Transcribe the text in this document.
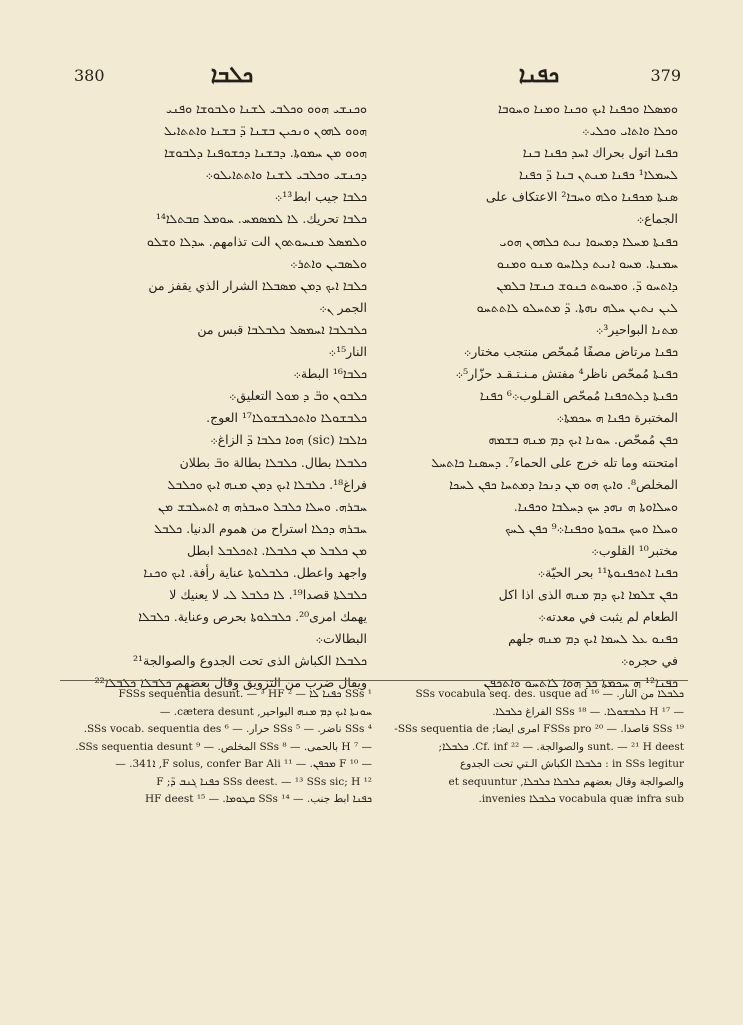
380	ܟܠܒܐ	ܟܦܢܐ	379

ܘܟܢܫܝ ܗܘܘ ܘܟܠܒܝ ܠܫܢܐ ܘܠܒܘܫܐ ܘܦܢܝ

ܗܘܘ ܠܗܘܢ ܘܢܟܝܢ ܒܫܢܐ ܕ̈ ܒܫܢܐ ܘܐܬܬܐܝܠ

ܗܘܘ ܡܢ ܚܡܘܬܐ. ܕܒܫܢܐ ܕܟܫܘܦܢܐ ܕܠܒܘܫܐ

ܕܟܢܫܝ ܘܟܠܒܝ ܠܫܢܐ ܘܐܬܬܐܝܠܘ܀

ܟܠܒܐ جيب ابط¹³܀

ܟܠܒܐ تحريك. ܠܐ ܠܡܣܡܚ. ܚܘܡܠ ܩܒܬܠܐ¹⁴

ܘܠܡܣܠ ܡܢܚܘܬܘܢ الت تذامهم. ܚܕܠܐ ܘܫܠܘ

ܘܠܣܒܝܢ ܘܐܬܪ܀

ܟܠܒܐ ܐܝܟ ܕܡܢ ܡܣܒܠܐ الشرار الذي يقفز من

الجمر ܢ܀

ܟܠܒܠܒܐ ܐܚܡܣܠ ܟܠܒܠܒܐ قبس من

النار¹⁵܀

ܟܠܒܐ¹⁶ البطة܀

ܟܠܒܘܢ ܘܒ̈ ܕ ܡܘܠ التعليق܀

ܟܠܒܫܘܠܐ ܘܐܬܟܠܒܫܘܠܐ¹⁷ العوج.

ܟܐܠܒܐ (sic) ܗܘܐ ܟܠܒܐ ܕ̈ الزاغ܀

ܟܠܒܠܐ بطال. ܟܠܒܠܐ بطالة ܘܒ̈ بطلان

فراغ¹⁸. ܟܠܒܠܐ ܐܝܟ ܕܡܢ ܡܢܗ ܐܝܟ ܘܟܠܒܠ

ܚܒܪܗ. ܘܚܠܐ ܟܠܒܠ ܘܚܒܪܗ ܗ ܐܬܚܠܒܫ ܡܢ

ܚܒܪܗ ܕܟܠܐ استراح من هموم الدنيا. ܟܠܒܠ

ܡܢ ܟܠܒܠ ܡܢ ܟܠܒܠܐ. ܐܬܟܠܒܠ ابطل

واجهد واعطل. ܟܠܒܠܘܬܐ عناية رأفة. ܐܝܟ ܘܟܢܐ

ܟܠܒܠܬܐ قصدا¹⁹. ܠܐ ܟܠܒܠ ܠܝ لا يعنيك لا

يهمك امرى²⁰. ܟܠܒܠܘܬܐ بحرص وعناية. ܟܠܒܠܐ

البطالات܀

ܟܠܒܠܐ الكباش الذى تحت الجدوع والصوالجة²¹

ويقال ضرب من التزويق وقال بعضهم ܟܠܒܠܐ ܟܠܒܠܐ²²

ܘܡܣܠܐ ܘܟܦܢܐ ܐܝܟ ܘܟܢܐ ܘܡܢܐ ܘܚܘܒܐ

ܘܟܠܐ ܘܐܬܐܝ ܘܟܠܝ܀

ܟܦܢܐ اتول بحراك ܐܚܕ ܟܦܢܐ ܒܢܐ

ܠܚܡܠܐ¹ ܟܦܢܐ ܡܢܬܢ ܒܢܐ ܕ̈ ܟܦܢܐ

ܣܢܬܐ ܡܟܦܢܐ ܘܠܗ ܘܚܒܐ² الاعتكاف على

الجماع܀

ܟܦܢܬܐ ܡܚܠܐ ܕܡܚܘܐ ܢܝܬ ܟܠܗܘܢ ܗܘܝ

ܚܡܢܬܐ. ܡܚܘ ܐܢܝܬ ܕܠܐܚܘ ܡܢܘ ܘܡܢܘ

ܕܐܬܚܘ ܕ̈. ܘܡܚܘܬ ܟܢܘܫ ܟܢܫܐ ܒܠܡܢ

ܠܝܢ ܢܬܝܢ ܚܠܗ ܢܗܬܐ. ܕ̈ ܡܬܚܠܘ ܠܐܬܬܚܘ

ܡܬܢܐ البواحير³܀

ܟܦܢܐ مرتاض مصفًا مُمحّص منتجب مختار܀

ܟܦܢܬܐ مُمحّص ناظر⁴ مفتش مـنـتـقـد حزّار⁵܀

ܟܦܢܬܐ ܕܠܬܟܦܢܐ مُمحّص القـلوب܀⁶ ܟܦܢܐ

المختبرة ܟܦܢܐ ܗ ܚܟܡܬܐ܀

ܟܦܢ مُمحّص. ܚܘܢܐ ܐܝܟ ܕܡ ܡܢܗ ܒܫܡܗ

امتحنته وما تله خرج على الحماء⁷. ܕܚܣܢܐ ܟܐܬܚܠ

المخلص⁸. ܘܐܝܟ ܗܘ ܡܢ ܕܢܟܐ ܕܡܬܚܐ ܟܦܢ ܠܚܟܐ

ܘܚܠܐܘܬܐ ܗ ܢܗܕ ܚܟ ܕܚܠܒܐ ܘܟܦܢܐ.

ܘܚܠܐ ܘܚܟ ܚܒܘܬܐ ܘܟܦܢܐ܀⁹ ܟܦܢ ܠܚܟ

مختبر¹⁰ القلوب܀

ܟܦܢܐ ܐܬܟܦܢܘܬܐ¹¹ بحر الحيّة܀

ܟܦܢ ܫܠܡܐ ܐܝܟ ܕܡ ܡܢܗ الذى اذا اكل

الطعام لم يثبت في معدته܀

ܟܦܢܘ ܥܠ ܠܚܡܐ ܐܝܟ ܕܡ ܡܢܗ جلهم

في حجره܀

ܟܦܢܐ¹² ܗ ܚܟܡܬܐ ܟܕ ܗܘܐ ܠܐܬܚܘ ܘܐܬܟܦܢ

¹ SSs ܟܦܢܐ ܠܐ — ² FSSs sequentia desunt. — ³ HF
ܚܘܢܬܐ ܐܝܟ ܕܡ ܡܢܗ البواحير, cætera desunt. —
⁴ SSs ناضر. — ⁵ SSs حرار. — ⁶ SSs vocab. sequentia des.
— ⁷ H بالحمى. — ⁸ SSs المخلص. — ⁹ SSs sequentia desunt.
— ¹⁰ F ܡܟܦܢ. — ¹¹ F solus, confer Bar Ali, ܐ341. —
¹² SSs deest. — ¹³ SSs sic; H ܟܦܢܐ ܓܢܒ ܕ̈; F
ܟܦܢܐ ابط جنب. — ¹⁴ SSs ܩܛܘܡܐ. — ¹⁵ HF deest
ܟܠܒܠܐ من النار. — ¹⁶ SSs vocabula seq. des. usque ad
— ¹⁷ H ܟܠܒܫܘܠܐ. — ¹⁸ SSs الفراغ ܟܠܒܠܐ.
¹⁹ SSs قاصدا. — ²⁰ FSSs pro امرى ايضا; SSs sequentia de-
sunt. — ²¹ H deest والصوالجة. — ²² Cf. inf. ܟܠܒܠܐ;
in SSs legitur : ܟܠܒܠܐ الكباش الـتي تحت الجدوع
والصوالجة وقال بعضهم ܟܠܒܠܐ ܟܠܒܠܐ, et sequuntur
vocabula quæ infra sub ܟܠܒܠܐ invenies.
